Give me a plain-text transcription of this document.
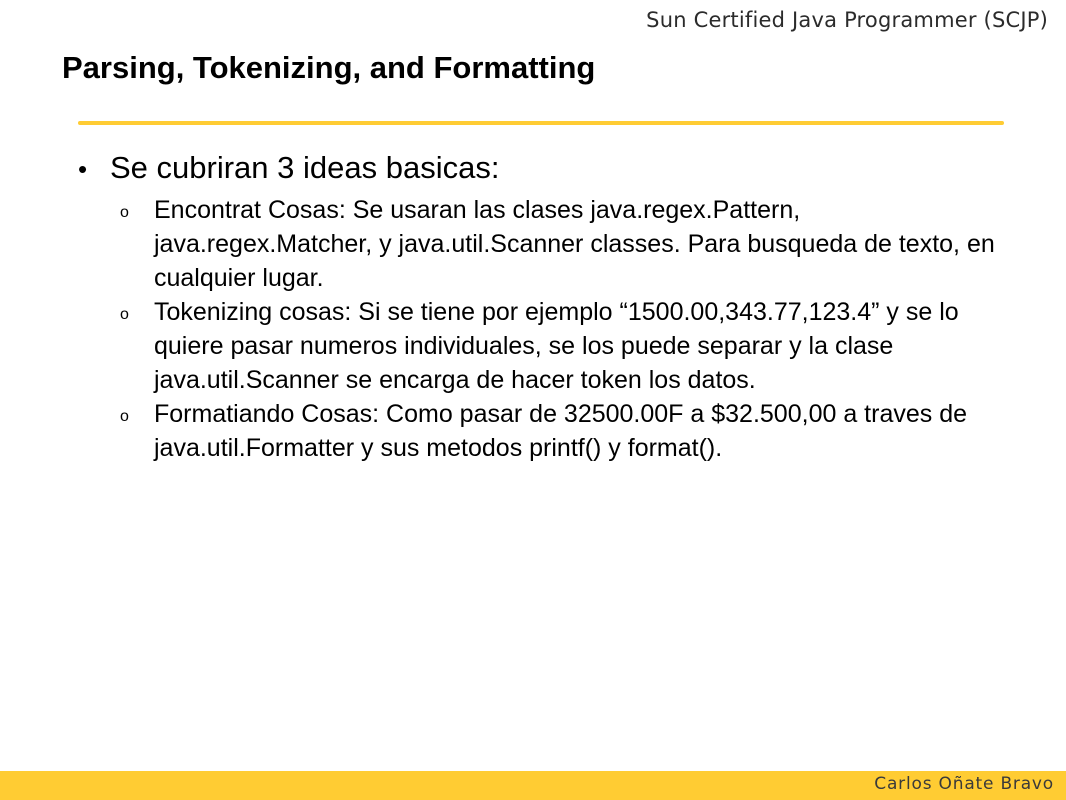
Sun Certified Java Programmer (SCJP)
Parsing, Tokenizing, and Formatting
• Se cubriran 3 ideas basicas:
o	Encontrat Cosas: Se usaran las clases java.regex.Pattern, java.regex.Matcher, y java.util.Scanner classes. Para busqueda de texto, en cualquier lugar.
o	Tokenizing cosas: Si se tiene por ejemplo “1500.00,343.77,123.4” y se lo quiere pasar numeros individuales, se los puede separar y la clase java.util.Scanner se encarga de hacer token los datos.
o	Formatiando Cosas: Como pasar de 32500.00F a $32.500,00 a traves de java.util.Formatter y sus metodos printf() y format().
Carlos Oñate Bravo
